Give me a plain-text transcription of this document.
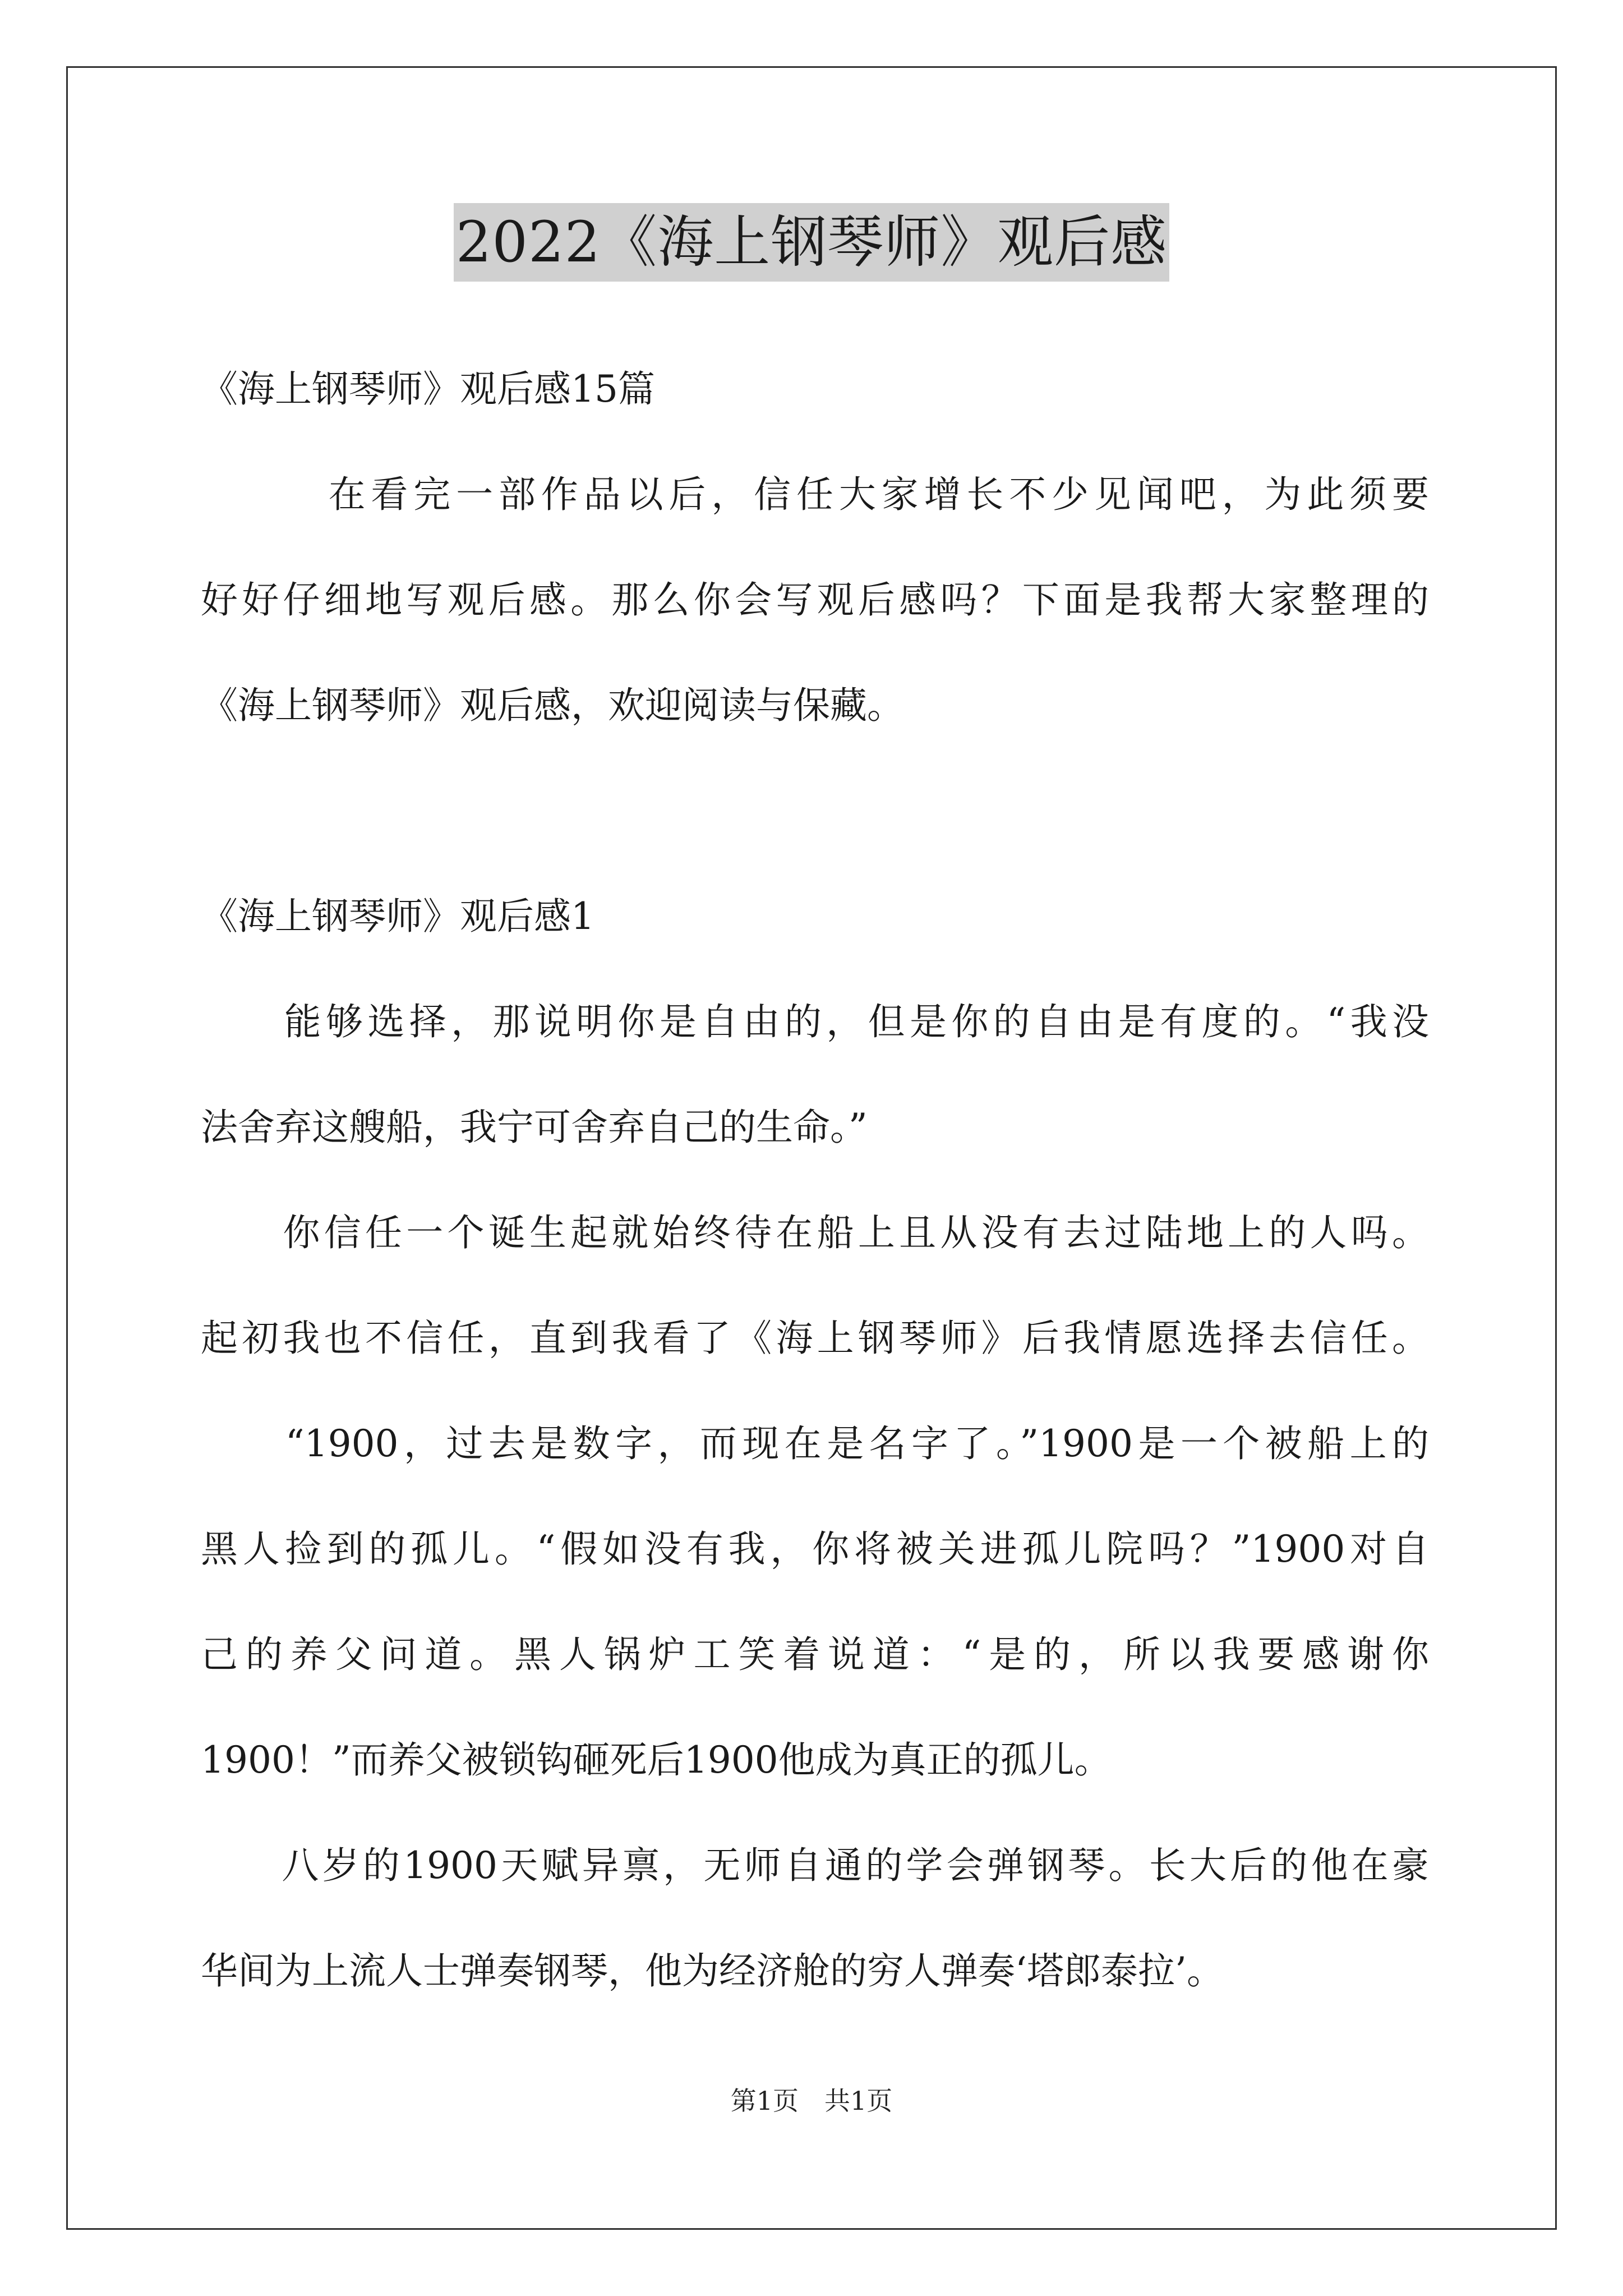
2022《海上钢琴师》观后感
《海上钢琴师》观后感15篇
　　　在看完一部作品以后，信任大家增长不少见闻吧，为此须要
好好仔细地写观后感。那么你会写观后感吗？下面是我帮大家整理的
《海上钢琴师》观后感，欢迎阅读与保藏。
《海上钢琴师》观后感1
　　能够选择，那说明你是自由的，但是你的自由是有度的。“我没
法舍弃这艘船，我宁可舍弃自己的生命。”
　　你信任一个诞生起就始终待在船上且从没有去过陆地上的人吗。
起初我也不信任，直到我看了《海上钢琴师》后我情愿选择去信任。
　　“1900，过去是数字，而现在是名字了。”1900是一个被船上的
黑人捡到的孤儿。“假如没有我，你将被关进孤儿院吗？”1900对自
己的养父问道。黑人锅炉工笑着说道：“是的，所以我要感谢你
1900！”而养父被锁钩砸死后1900他成为真正的孤儿。
　　八岁的1900天赋异禀，无师自通的学会弹钢琴。长大后的他在豪
华间为上流人士弹奏钢琴，他为经济舱的穷人弹奏‘塔郎泰拉’。
第1页　共1页
